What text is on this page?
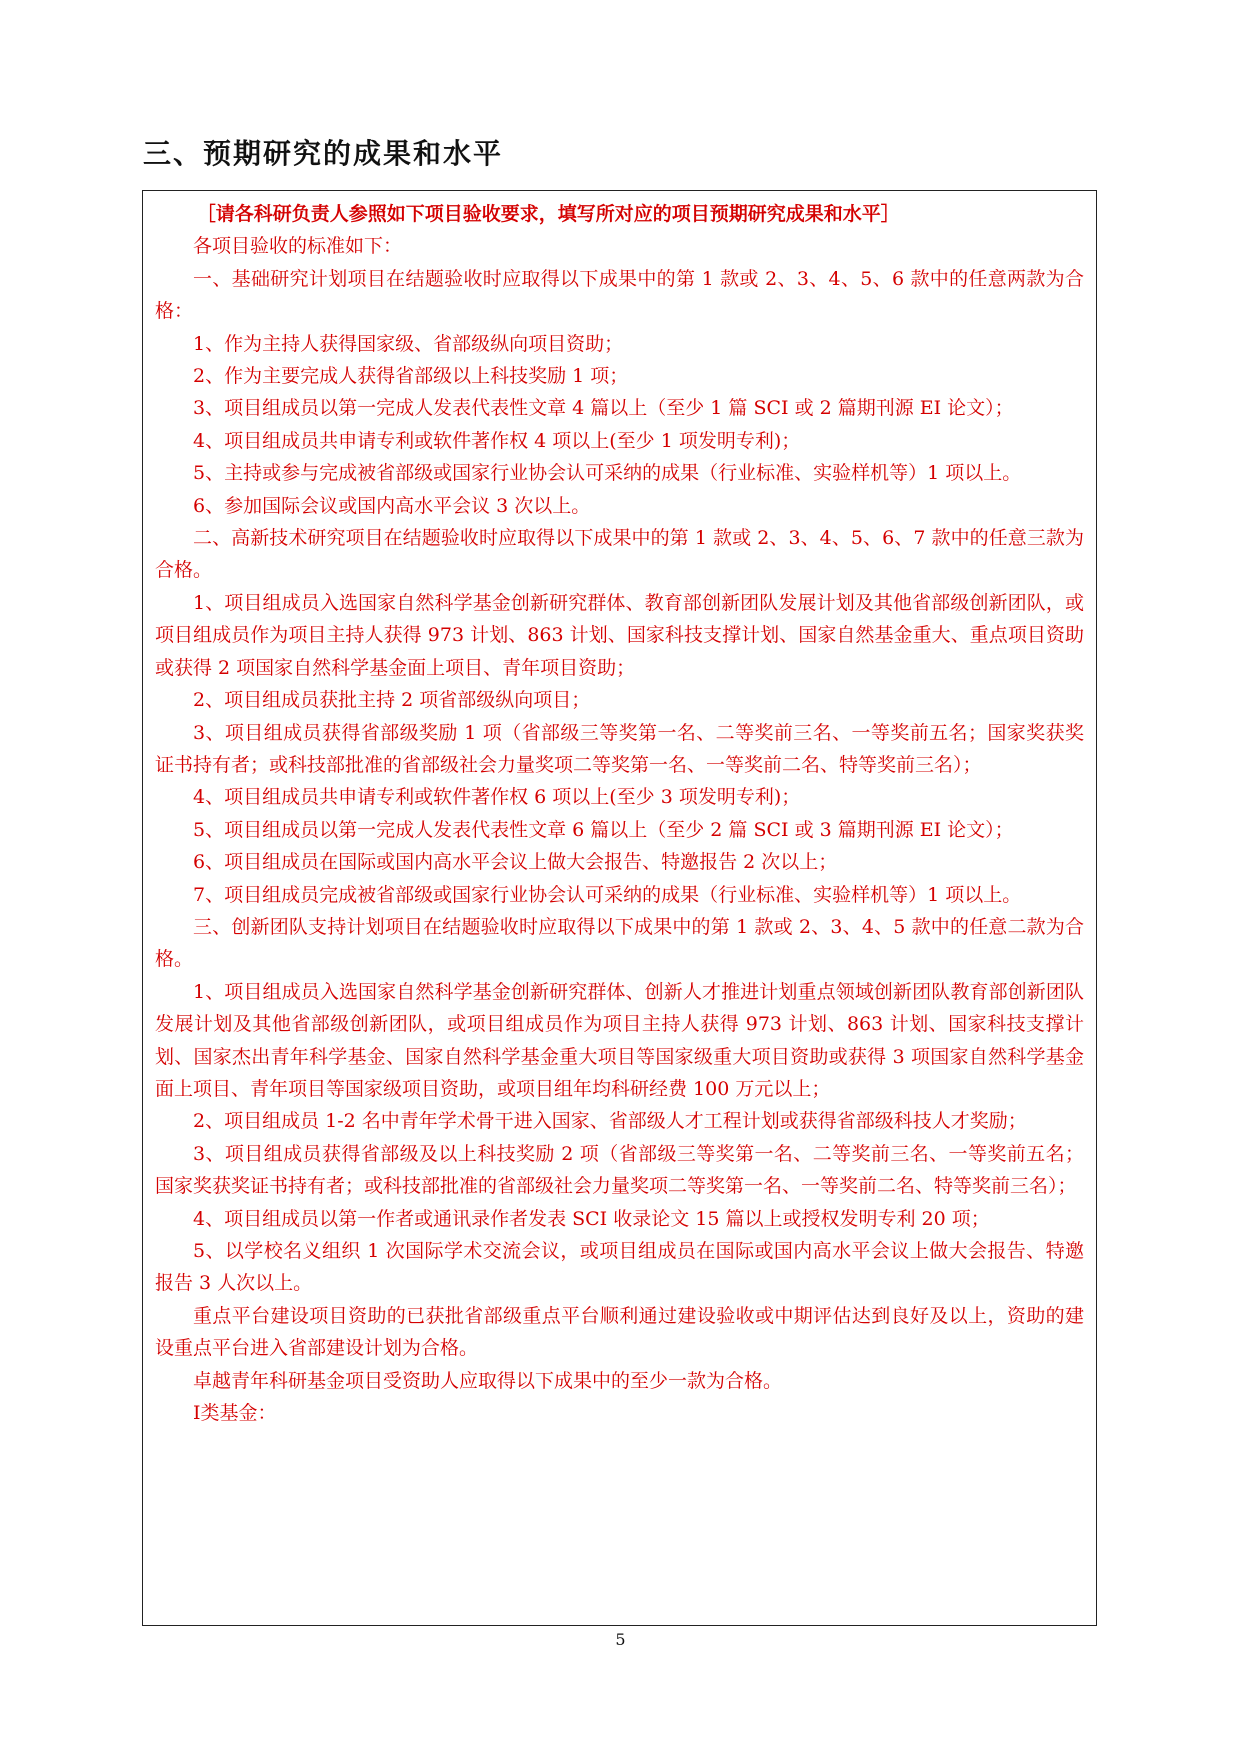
三、预期研究的成果和水平

［请各科研负责人参照如下项目验收要求，填写所对应的项目预期研究成果和水平］

各项目验收的标准如下：

一、基础研究计划项目在结题验收时应取得以下成果中的第 1 款或 2、3、4、5、6 款中的任意两款为合格：

1、作为主持人获得国家级、省部级纵向项目资助；

2、作为主要完成人获得省部级以上科技奖励 1 项；

3、项目组成员以第一完成人发表代表性文章 4 篇以上（至少 1 篇 SCI 或 2 篇期刊源 EI 论文）；

4、项目组成员共申请专利或软件著作权 4 项以上(至少 1 项发明专利)；

5、主持或参与完成被省部级或国家行业协会认可采纳的成果（行业标准、实验样机等）1 项以上。

6、参加国际会议或国内高水平会议 3 次以上。

二、高新技术研究项目在结题验收时应取得以下成果中的第 1 款或 2、3、4、5、6、7 款中的任意三款为合格。

1、项目组成员入选国家自然科学基金创新研究群体、教育部创新团队发展计划及其他省部级创新团队，或项目组成员作为项目主持人获得 973 计划、863 计划、国家科技支撑计划、国家自然基金重大、重点项目资助或获得 2 项国家自然科学基金面上项目、青年项目资助；

2、项目组成员获批主持 2 项省部级纵向项目；

3、项目组成员获得省部级奖励 1 项（省部级三等奖第一名、二等奖前三名、一等奖前五名；国家奖获奖证书持有者；或科技部批准的省部级社会力量奖项二等奖第一名、一等奖前二名、特等奖前三名）；

4、项目组成员共申请专利或软件著作权 6 项以上(至少 3 项发明专利)；

5、项目组成员以第一完成人发表代表性文章 6 篇以上（至少 2 篇 SCI 或 3 篇期刊源 EI 论文）；

6、项目组成员在国际或国内高水平会议上做大会报告、特邀报告 2 次以上；

7、项目组成员完成被省部级或国家行业协会认可采纳的成果（行业标准、实验样机等）1 项以上。

三、创新团队支持计划项目在结题验收时应取得以下成果中的第 1 款或 2、3、4、5 款中的任意二款为合格。

1、项目组成员入选国家自然科学基金创新研究群体、创新人才推进计划重点领域创新团队教育部创新团队发展计划及其他省部级创新团队，或项目组成员作为项目主持人获得 973 计划、863 计划、国家科技支撑计划、国家杰出青年科学基金、国家自然科学基金重大项目等国家级重大项目资助或获得 3 项国家自然科学基金面上项目、青年项目等国家级项目资助，或项目组年均科研经费 100 万元以上；

2、项目组成员 1-2 名中青年学术骨干进入国家、省部级人才工程计划或获得省部级科技人才奖励；

3、项目组成员获得省部级及以上科技奖励 2 项（省部级三等奖第一名、二等奖前三名、一等奖前五名；国家奖获奖证书持有者；或科技部批准的省部级社会力量奖项二等奖第一名、一等奖前二名、特等奖前三名）；

4、项目组成员以第一作者或通讯录作者发表 SCI 收录论文 15 篇以上或授权发明专利 20 项；

5、以学校名义组织 1 次国际学术交流会议，或项目组成员在国际或国内高水平会议上做大会报告、特邀报告 3 人次以上。

重点平台建设项目资助的已获批省部级重点平台顺利通过建设验收或中期评估达到良好及以上，资助的建设重点平台进入省部建设计划为合格。

卓越青年科研基金项目受资助人应取得以下成果中的至少一款为合格。

Ⅰ类基金：

5
